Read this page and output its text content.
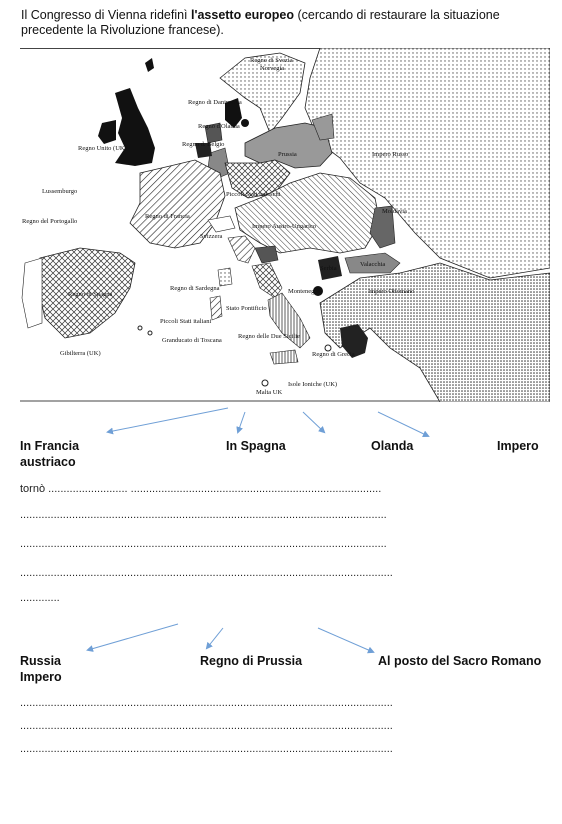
Il Congresso di Vienna ridefinì l'assetto europeo (cercando di restaurare la situazione
precedente la Rivoluzione francese).
Regno di Svezia
Norvegia
Regno di Danimarca
Regno d'Olanda
Regno d. Belgio
Regno Unito (UK)
Impero Russo
Prussia
Lussemburgo	Piccoli Stati tedeschi
Regno di Francia
Svizzera
Impero Austro-Ungarico
Moldavia
Regno del Portogallo
Serbia
Valacchia
Regno di Spagna
Regno di Sardegna	Montenegro	Impero Ottomano
Stato Pontificio
Piccoli Stati italiani
Granducato di Toscana
Regno delle Due Sicilie
Gibilterra (UK)	Regno di Grecia
Isole Ioniche (UK)
Malta UK
In Francia
austriaco
In Spagna	Olanda	Impero
tornò .......................... ..................................................................................
........................................................................................................................
........................................................................................................................
..........................................................................................................................
.............
Russia
Impero
Regno di Prussia	Al posto del Sacro Romano
..........................................................................................................................
..........................................................................................................................
..........................................................................................................................
